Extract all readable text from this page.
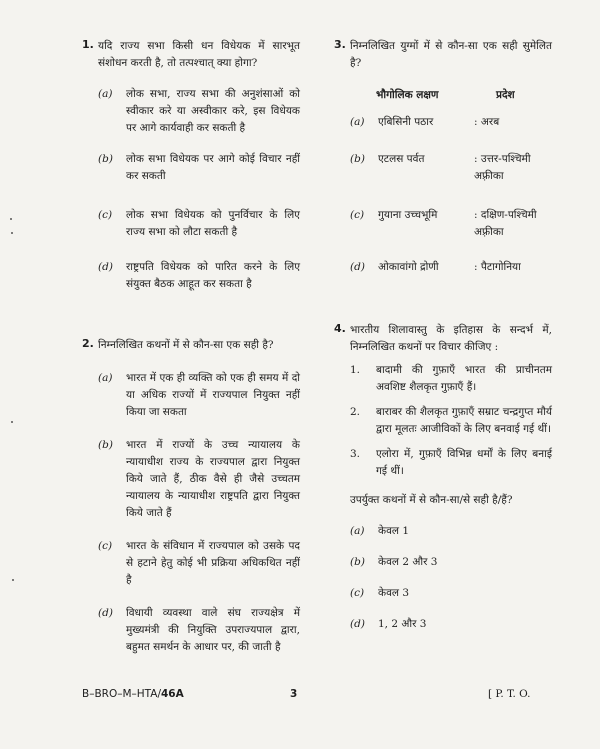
1. यदि राज्य सभा किसी धन विधेयक में सारभूत संशोधन करती है, तो तत्पश्चात् क्या होगा?
(a)	लोक सभा, राज्य सभा की अनुशंसाओं को स्वीकार करे या अस्वीकार करे, इस विधेयक पर आगे कार्यवाही कर सकती है
(b)	लोक सभा विधेयक पर आगे कोई विचार नहीं कर सकती
(c)	लोक सभा विधेयक को पुनर्विचार के लिए राज्य सभा को लौटा सकती है
(d)	राष्ट्रपति विधेयक को पारित करने के लिए संयुक्त बैठक आहूत कर सकता है
2. निम्नलिखित कथनों में से कौन-सा एक सही है?
(a)	भारत में एक ही व्यक्ति को एक ही समय में दो या अधिक राज्यों में राज्यपाल नियुक्त नहीं किया जा सकता
(b)	भारत में राज्यों के उच्च न्यायालय के न्यायाधीश राज्य के राज्यपाल द्वारा नियुक्त किये जाते हैं, ठीक वैसे ही जैसे उच्चतम न्यायालय के न्यायाधीश राष्ट्रपति द्वारा नियुक्त किये जाते हैं
(c)	भारत के संविधान में राज्यपाल को उसके पद से हटाने हेतु कोई भी प्रक्रिया अधिकथित नहीं है
(d)	विधायी व्यवस्था वाले संघ राज्यक्षेत्र में मुख्यमंत्री की नियुक्ति उपराज्यपाल द्वारा, बहुमत समर्थन के आधार पर, की जाती है
3. निम्नलिखित युग्मों में से कौन-सा एक सही सुमेलित है?
भौगोलिक लक्षण	प्रदेश
(a)	एबिसिनी पठार	: अरब
(b)	एटलस पर्वत	: उत्तर-पश्चिमी अफ़्रीका
(c)	गुयाना उच्चभूमि	: दक्षिण-पश्चिमी अफ़्रीका
(d)	ओकावांगो द्रोणी	: पैटागोनिया
4. भारतीय शिलावास्तु के इतिहास के सन्दर्भ में, निम्नलिखित कथनों पर विचार कीजिए :
1.	बादामी की गुफ़ाएँ भारत की प्राचीनतम अवशिष्ट शैलकृत गुफ़ाएँ हैं।
2.	बाराबर की शैलकृत गुफ़ाएँ सम्राट चन्द्रगुप्त मौर्य द्वारा मूलतः आजीविकों के लिए बनवाई गई थीं।
3.	एलोरा में, गुफ़ाएँ विभिन्न धर्मों के लिए बनाई गई थीं।
उपर्युक्त कथनों में से कौन-सा/से सही है/हैं?
(a)	केवल 1
(b)	केवल 2 और 3
(c)	केवल 3
(d)	1, 2 और 3
B–BRO–M–HTA/46A	3	[ P. T. O.
